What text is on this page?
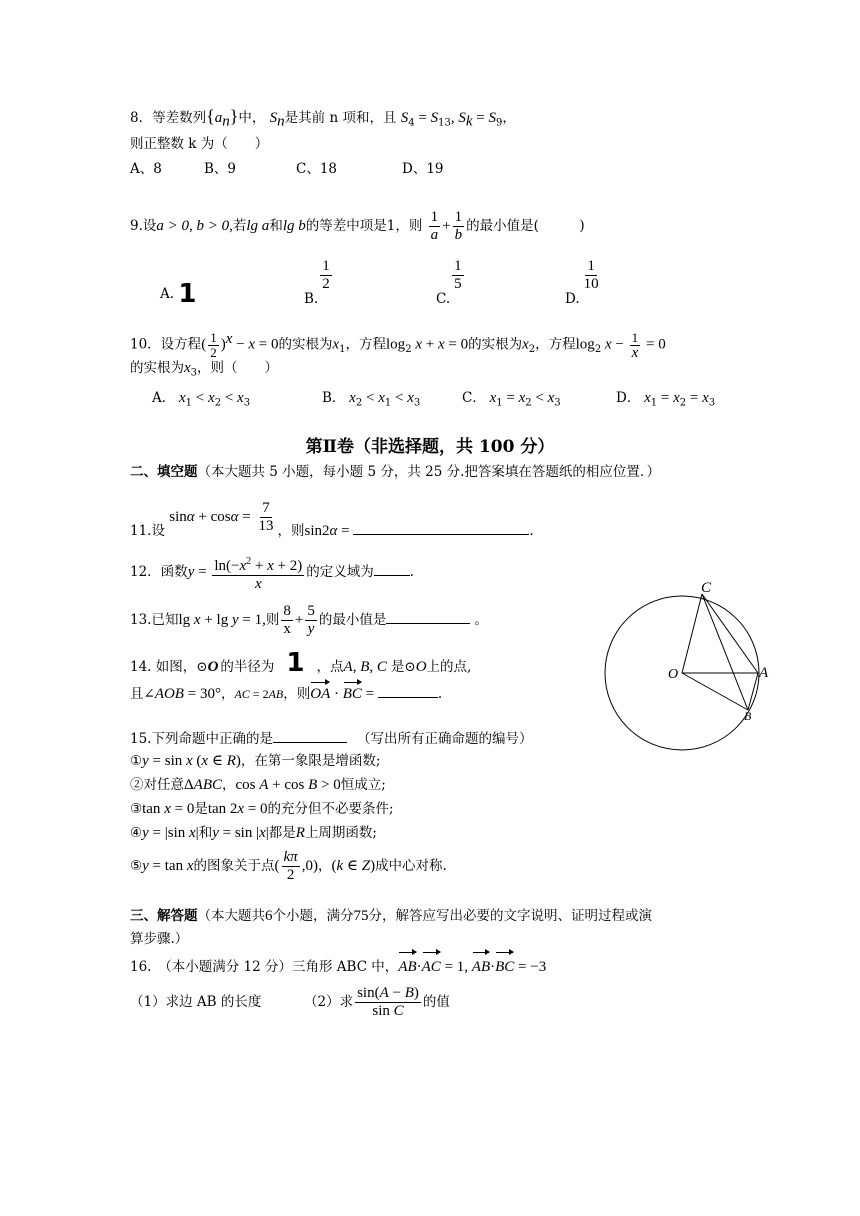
8．等差数列$\{a_n\}$中， $S_n$是其前 n 项和，且 $S_4 = S_{13}$, $S_k = S_9$，
则正整数 k 为（　　）
A、8	B、9	C、18	D、19
9.设a > 0, b > 0,若lg a和lg b的等差中项是1，则 $\frac{1}{a} + \frac{1}{b}$ 的最小值是(　　　)
A. 1	B.
$\frac{1}{2}$
C.
$\frac{1}{5}$
D.
$\frac{1}{10}$
10．设方程( $\frac{1}{2} )^x - x = 0$的实根为$x_1$，方程$\log_2 x + x = 0$的实根为$x_2$，方程$\log_2 x - \frac{1}{x} = 0$
的实根为$x_3$，则（　　）
A． $x_1 < x_2 < x_3$	B． $x_2 < x_1 < x_3$	C． $x_1 = x_2 < x_3$	D． $x_1 = x_2 = x_3$
第Ⅱ卷（非选择题，共 100 分）
二、填空题（本大题共 5 小题，每小题 5 分，共 25 分.把答案填在答题纸的相应位置．）
11.设 $\sin\alpha + \cos\alpha = \frac{7}{13}$ ，则sin2α =	.
12．函数$y = \frac{\ln(-x^2 + x + 2)}{x}$ 的定义域为	.
13.已知lg x + lg y = 1,则 $\frac{8}{x} + \frac{5}{y}$ 的最小值是	。
14. 如图，⊙O 的半径为 1 ，点A, B, C 是⊙O上的点,
且∠AOB = 30°，AC = 2AB，则OA · BC =	.
C
O	A
B
15.下列命题中正确的是	（写出所有正确命题的编号）
①y = sin x (x ∈ R)，在第一象限是增函数;
②对任意ΔABC，cos A + cos B > 0恒成立;
③tan x = 0是tan 2x = 0的充分但不必要条件;
④y = |sin x|和y = sin |x|都是R上周期函数;
⑤y = tan x的图象关于点( $\frac{k\pi}{2} ,0$)，(k ∈ Z)成中心对称.
三、解答题（本大题共6个小题，满分75分，解答应写出必要的文字说明、证明过程或演
算步骤.）
16.　（本小题满分 12 分）三角形 ABC 中，AB·AC = 1, AB·BC = −3
（1）求边 AB 的长度	（2）求 $\frac{\sin(A - B)}{\text{sin C}}$ 的值
